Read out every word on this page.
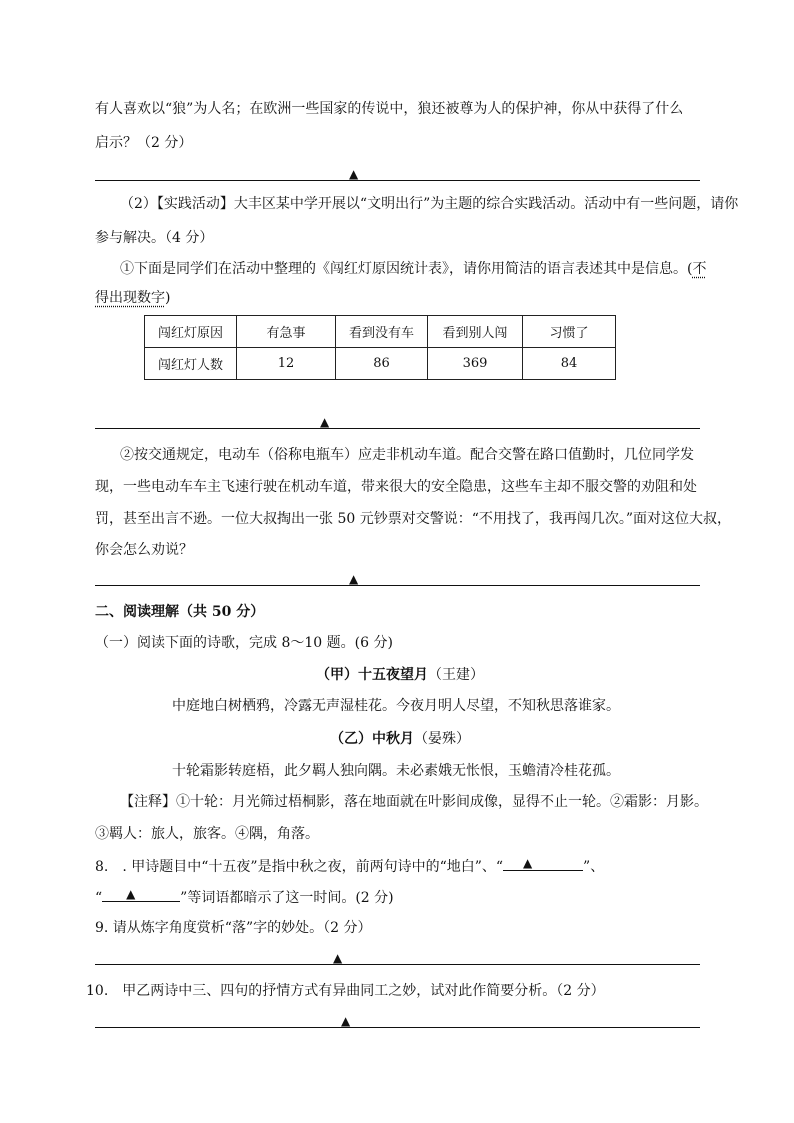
有人喜欢以“狼”为人名；在欧洲一些国家的传说中，狼还被尊为人的保护神，你从中获得了什么
启示？（2 分）
▲
（2）【实践活动】大丰区某中学开展以“文明出行”为主题的综合实践活动。活动中有一些问题，请你
参与解决。（4 分）
①下面是同学们在活动中整理的《闯红灯原因统计表》，请你用简洁的语言表述其中是信息。(不
得出现数字)
闯红灯原因	有急事	看到没有车	看到别人闯	习惯了
闯红灯人数	12	86	369	84
▲
②按交通规定，电动车（俗称电瓶车）应走非机动车道。配合交警在路口值勤时，几位同学发
现，一些电动车车主飞速行驶在机动车道，带来很大的安全隐患，这些车主却不服交警的劝阻和处
罚，甚至出言不逊。一位大叔掏出一张 50 元钞票对交警说：“不用找了，我再闯几次。”面对这位大叔，
你会怎么劝说？
▲
二、阅读理解（共 50 分）
（一）阅读下面的诗歌，完成 8～10 题。(6 分)
（甲）十五夜望月（王建）
中庭地白树栖鸦，冷露无声湿桂花。今夜月明人尽望，不知秋思落谁家。
（乙）中秋月（晏殊）
十轮霜影转庭梧，此夕羁人独向隅。未必素娥无怅恨，玉蟾清冷桂花孤。
【注释】①十轮：月光筛过梧桐影，落在地面就在叶影间成像，显得不止一轮。②霜影：月影。
③羁人：旅人，旅客。④隅，角落。
8.　. 甲诗题目中“十五夜”是指中秋之夜，前两句诗中的“地白”、“ ▲	”、
“ ▲	”等词语都暗示了这一时间。(2 分)
9. 请从炼字角度赏析“落”字的妙处。（2 分）
▲
10.　甲乙两诗中三、四句的抒情方式有异曲同工之妙，试对此作简要分析。（2 分）
▲
